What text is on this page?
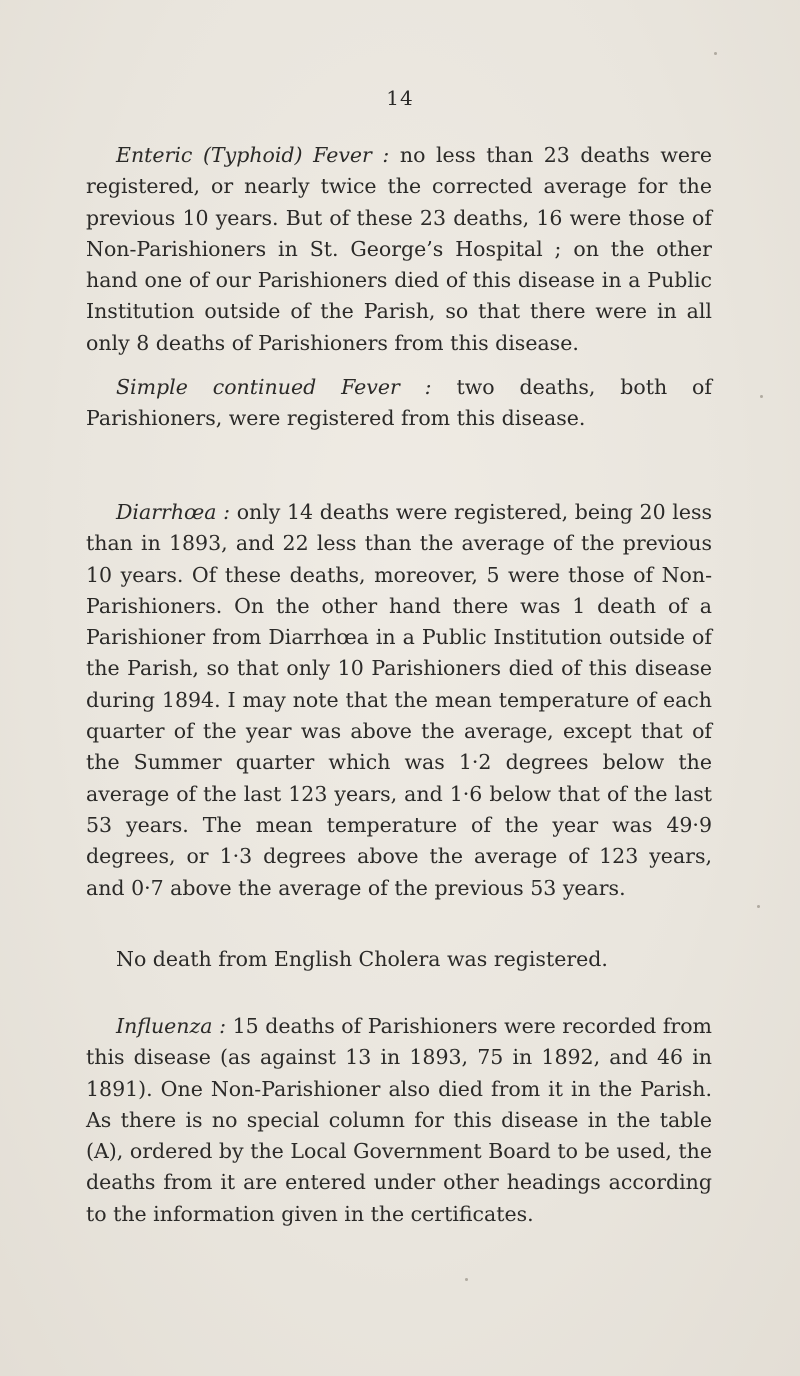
14

Enteric (Typhoid) Fever : no less than 23 deaths were registered, or nearly twice the corrected average for the previous 10 years. But of these 23 deaths, 16 were those of Non-Parishioners in St. George’s Hospital ; on the other hand one of our Parishioners died of this disease in a Public Institution outside of the Parish, so that there were in all only 8 deaths of Parishioners from this disease.

Simple continued Fever : two deaths, both of Parishioners, were registered from this disease.

Diarrhœa : only 14 deaths were registered, being 20 less than in 1893, and 22 less than the average of the previous 10 years. Of these deaths, moreover, 5 were those of Non-Parishioners. On the other hand there was 1 death of a Parishioner from Diarrhœa in a Public Institution outside of the Parish, so that only 10 Parishioners died of this disease during 1894. I may note that the mean temperature of each quarter of the year was above the average, except that of the Summer quarter which was 1·2 degrees below the average of the last 123 years, and 1·6 below that of the last 53 years. The mean temperature of the year was 49·9 degrees, or 1·3 degrees above the average of 123 years, and 0·7 above the average of the previous 53 years.

No death from English Cholera was registered.

Influenza : 15 deaths of Parishioners were recorded from this disease (as against 13 in 1893, 75 in 1892, and 46 in 1891). One Non-Parishioner also died from it in the Parish. As there is no special column for this disease in the table (A), ordered by the Local Government Board to be used, the deaths from it are entered under other headings according to the information given in the certificates.
